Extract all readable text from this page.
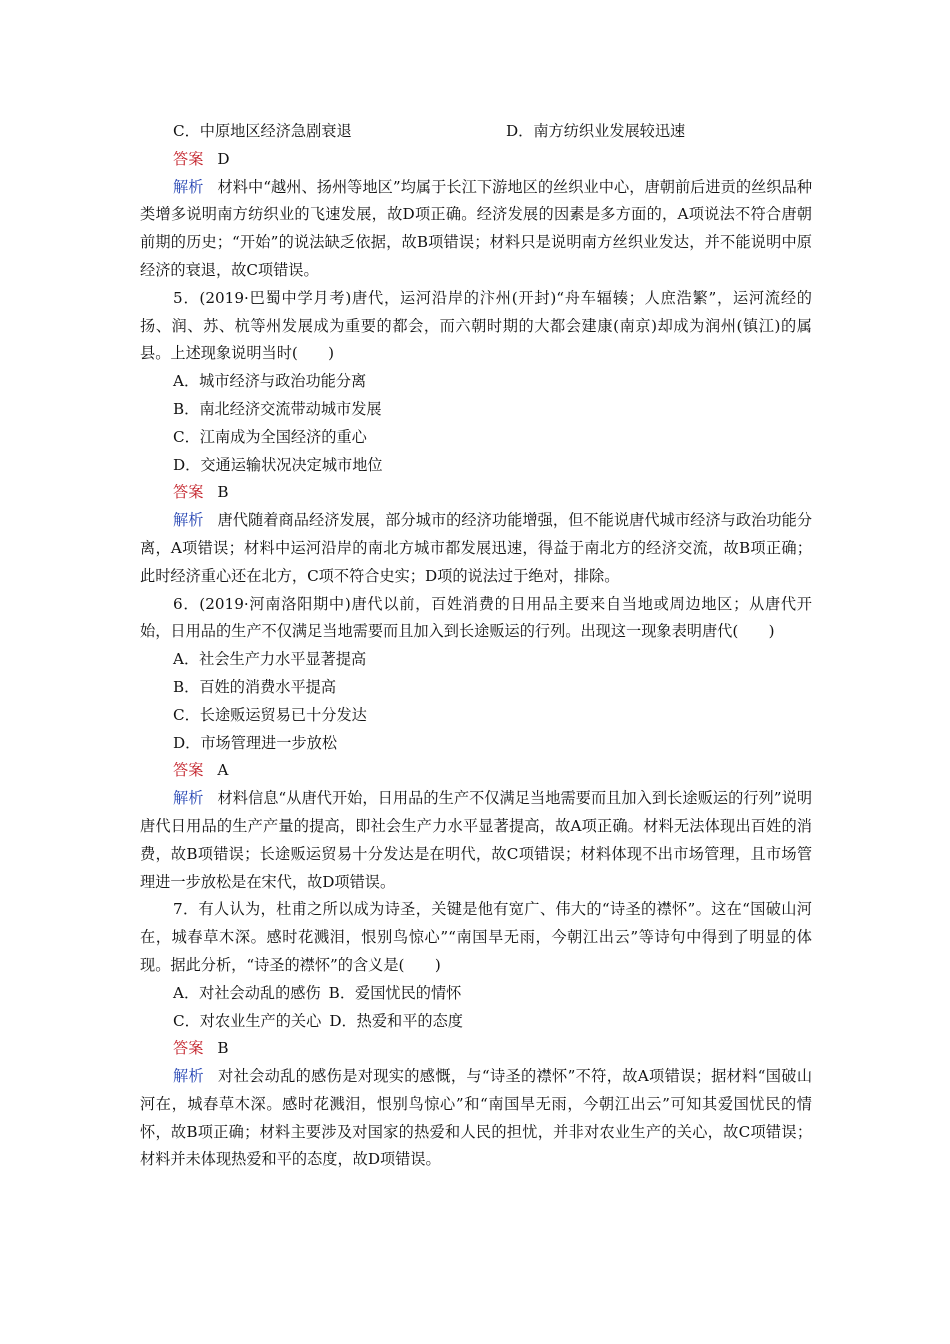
C．中原地区经济急剧衰退	D．南方纺织业发展较迅速
答案 D
解析 材料中“越州、扬州等地区”均属于长江下游地区的丝织业中心，唐朝前后进贡的丝织品种类增多说明南方纺织业的飞速发展，故D项正确。经济发展的因素是多方面的，A项说法不符合唐朝前期的历史；“开始”的说法缺乏依据，故B项错误；材料只是说明南方丝织业发达，并不能说明中原经济的衰退，故C项错误。
5．(2019·巴蜀中学月考)唐代，运河沿岸的汴州(开封)“舟车辐辏；人庶浩繁”，运河流经的扬、润、苏、杭等州发展成为重要的都会，而六朝时期的大都会建康(南京)却成为润州(镇江)的属县。上述现象说明当时(　　)
A．城市经济与政治功能分离
B．南北经济交流带动城市发展
C．江南成为全国经济的重心
D．交通运输状况决定城市地位
答案 B
解析 唐代随着商品经济发展，部分城市的经济功能增强，但不能说唐代城市经济与政治功能分离，A项错误；材料中运河沿岸的南北方城市都发展迅速，得益于南北方的经济交流，故B项正确；此时经济重心还在北方，C项不符合史实；D项的说法过于绝对，排除。
6．(2019·河南洛阳期中)唐代以前，百姓消费的日用品主要来自当地或周边地区；从唐代开始，日用品的生产不仅满足当地需要而且加入到长途贩运的行列。出现这一现象表明唐代(　　)
A．社会生产力水平显著提高
B．百姓的消费水平提高
C．长途贩运贸易已十分发达
D．市场管理进一步放松
答案 A
解析 材料信息“从唐代开始，日用品的生产不仅满足当地需要而且加入到长途贩运的行列”说明唐代日用品的生产产量的提高，即社会生产力水平显著提高，故A项正确。材料无法体现出百姓的消费，故B项错误；长途贩运贸易十分发达是在明代，故C项错误；材料体现不出市场管理，且市场管理进一步放松是在宋代，故D项错误。
7．有人认为，杜甫之所以成为诗圣，关键是他有宽广、伟大的“诗圣的襟怀”。这在“国破山河在，城春草木深。感时花溅泪，恨别鸟惊心”“南国旱无雨，今朝江出云”等诗句中得到了明显的体现。据此分析，“诗圣的襟怀”的含义是(　　)
A．对社会动乱的感伤 B．爱国忧民的情怀
C．对农业生产的关心 D．热爱和平的态度
答案 B
解析 对社会动乱的感伤是对现实的感慨，与“诗圣的襟怀”不符，故A项错误；据材料“国破山河在，城春草木深。感时花溅泪，恨别鸟惊心”和“南国旱无雨，今朝江出云”可知其爱国忧民的情怀，故B项正确；材料主要涉及对国家的热爱和人民的担忧，并非对农业生产的关心，故C项错误；材料并未体现热爱和平的态度，故D项错误。
